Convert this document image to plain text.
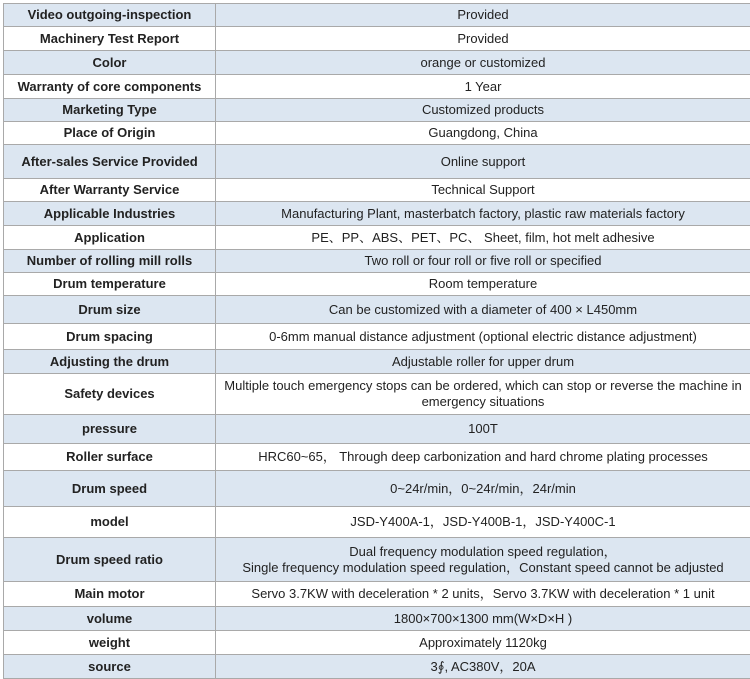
Video outgoing-inspection	Provided
Machinery Test Report	Provided
Color	orange or customized
Warranty of core components	1 Year
Marketing Type	Customized products
Place of Origin	Guangdong, China
After-sales Service Provided	Online support
After Warranty Service	Technical Support
Applicable Industries	Manufacturing Plant, masterbatch factory, plastic raw materials factory
Application	PE、PP、ABS、PET、PC、 Sheet, film, hot melt adhesive
Number of rolling mill rolls	Two roll or four roll or five roll or specified
Drum temperature	Room temperature
Drum size	Can be customized with a diameter of 400 × L450mm
Drum spacing	0-6mm manual distance adjustment (optional electric distance adjustment)
Adjusting the drum	Adjustable roller for upper drum
Safety devices	Multiple touch emergency stops can be ordered, which can stop or reverse the machine in emergency situations
pressure	100T
Roller surface	HRC60~65， Through deep carbonization and hard chrome plating processes
Drum speed	0~24r/min，0~24r/min，24r/min
model	JSD-Y400A-1，JSD-Y400B-1，JSD-Y400C-1
Drum speed ratio	Dual frequency modulation speed regulation，
Single frequency modulation speed regulation，Constant speed cannot be adjusted

Main motor	Servo 3.7KW with deceleration * 2 units，Servo 3.7KW with deceleration * 1 unit
volume	1800×700×1300 mm(W×D×H )
weight	Approximately 1120kg
source	3∮, AC380V，20A
